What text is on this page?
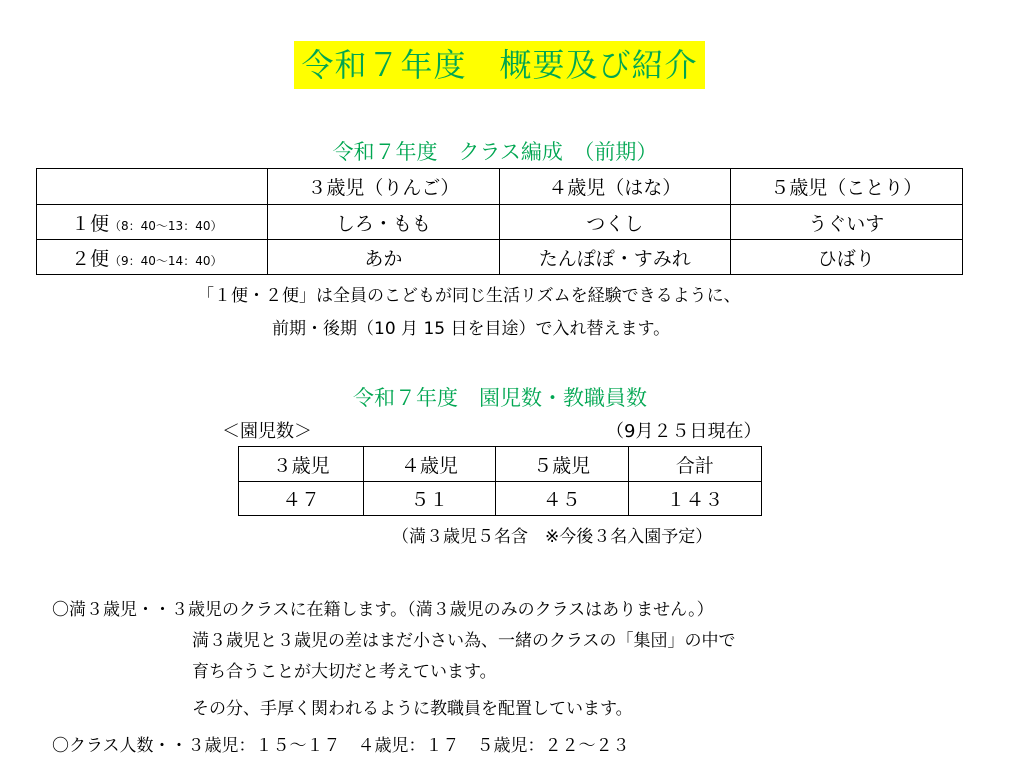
令和７年度　概要及び紹介
令和７年度　クラス編成　（前期）
	３歳児（りんご）	４歳児（はな）	５歳児（ことり）
１便（8：40～13：40）	しろ・もも	つくし	うぐいす
２便（9：40～14：40）	あか	たんぽぽ・すみれ	ひばり
「１便・２便」は全員のこどもが同じ生活リズムを経験できるように、
前期・後期（10 月 15 日を目途）で入れ替えます。
令和７年度　園児数・教職員数
＜園児数＞	（9月２５日現在）
３歳児	４歳児	５歳児	合計
４７	５１	４５	１４３
（満３歳児５名含　※今後３名入園予定）
〇満３歳児・・３歳児のクラスに在籍します。（満３歳児のみのクラスはありません。）
満３歳児と３歳児の差はまだ小さい為、一緒のクラスの「集団」の中で
育ち合うことが大切だと考えています。
その分、手厚く関われるように教職員を配置しています。
〇クラス人数・・３歳児：１５～１７　４歳児：１７　５歳児：２２～２３
